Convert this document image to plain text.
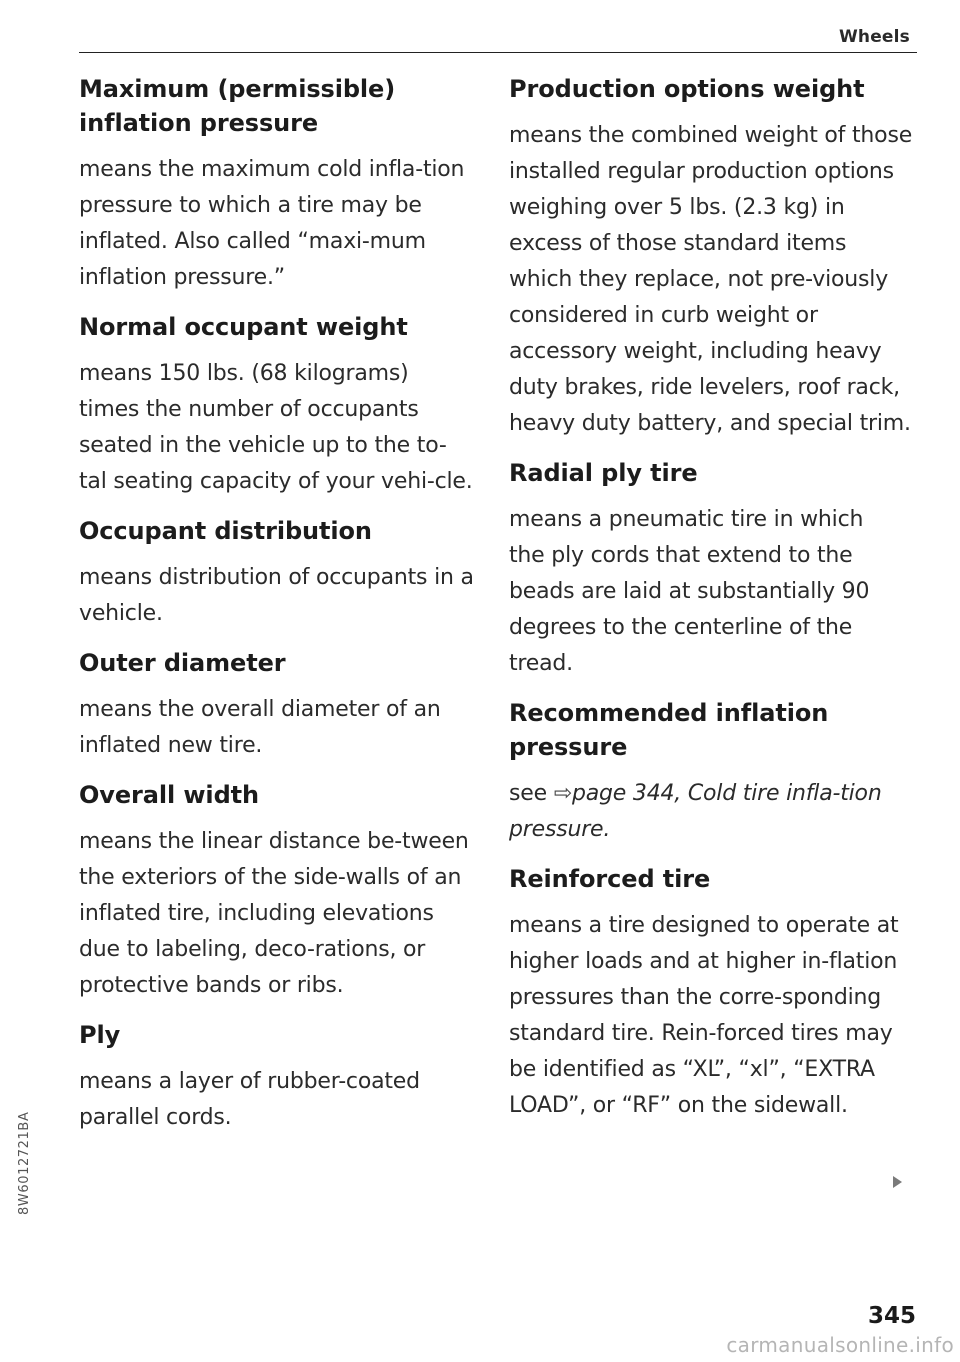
Wheels
Maximum (permissible) inflation pressure

means the maximum cold infla-tion pressure to which a tire may be inflated. Also called “maxi-mum inflation pressure.”

Normal occupant weight

means 150 lbs. (68 kilograms) times the number of occupants seated in the vehicle up to the to-tal seating capacity of your vehi-cle.

Occupant distribution

means distribution of occupants in a vehicle.

Outer diameter

means the overall diameter of an inflated new tire.

Overall width

means the linear distance be-tween the exteriors of the side-walls of an inflated tire, including elevations due to labeling, deco-rations, or protective bands or ribs.

Ply

means a layer of rubber-coated parallel cords.

Production options weight

means the combined weight of those installed regular production options weighing over 5 lbs. (2.3 kg) in excess of those standard items which they replace, not pre-viously considered in curb weight or accessory weight, including heavy duty brakes, ride levelers, roof rack, heavy duty battery, and special trim.

Radial ply tire

means a pneumatic tire in which the ply cords that extend to the beads are laid at substantially 90 degrees to the centerline of the tread.

Recommended inflation pressure

see ⇨page 344, Cold tire infla-tion pressure.

Reinforced tire

means a tire designed to operate at higher loads and at higher in-flation pressures than the corre-sponding standard tire. Rein-forced tires may be identified as “XL”, “xl”, “EXTRA LOAD”, or “RF” on the sidewall.

345
8W6012721BA
carmanualsonline.info
